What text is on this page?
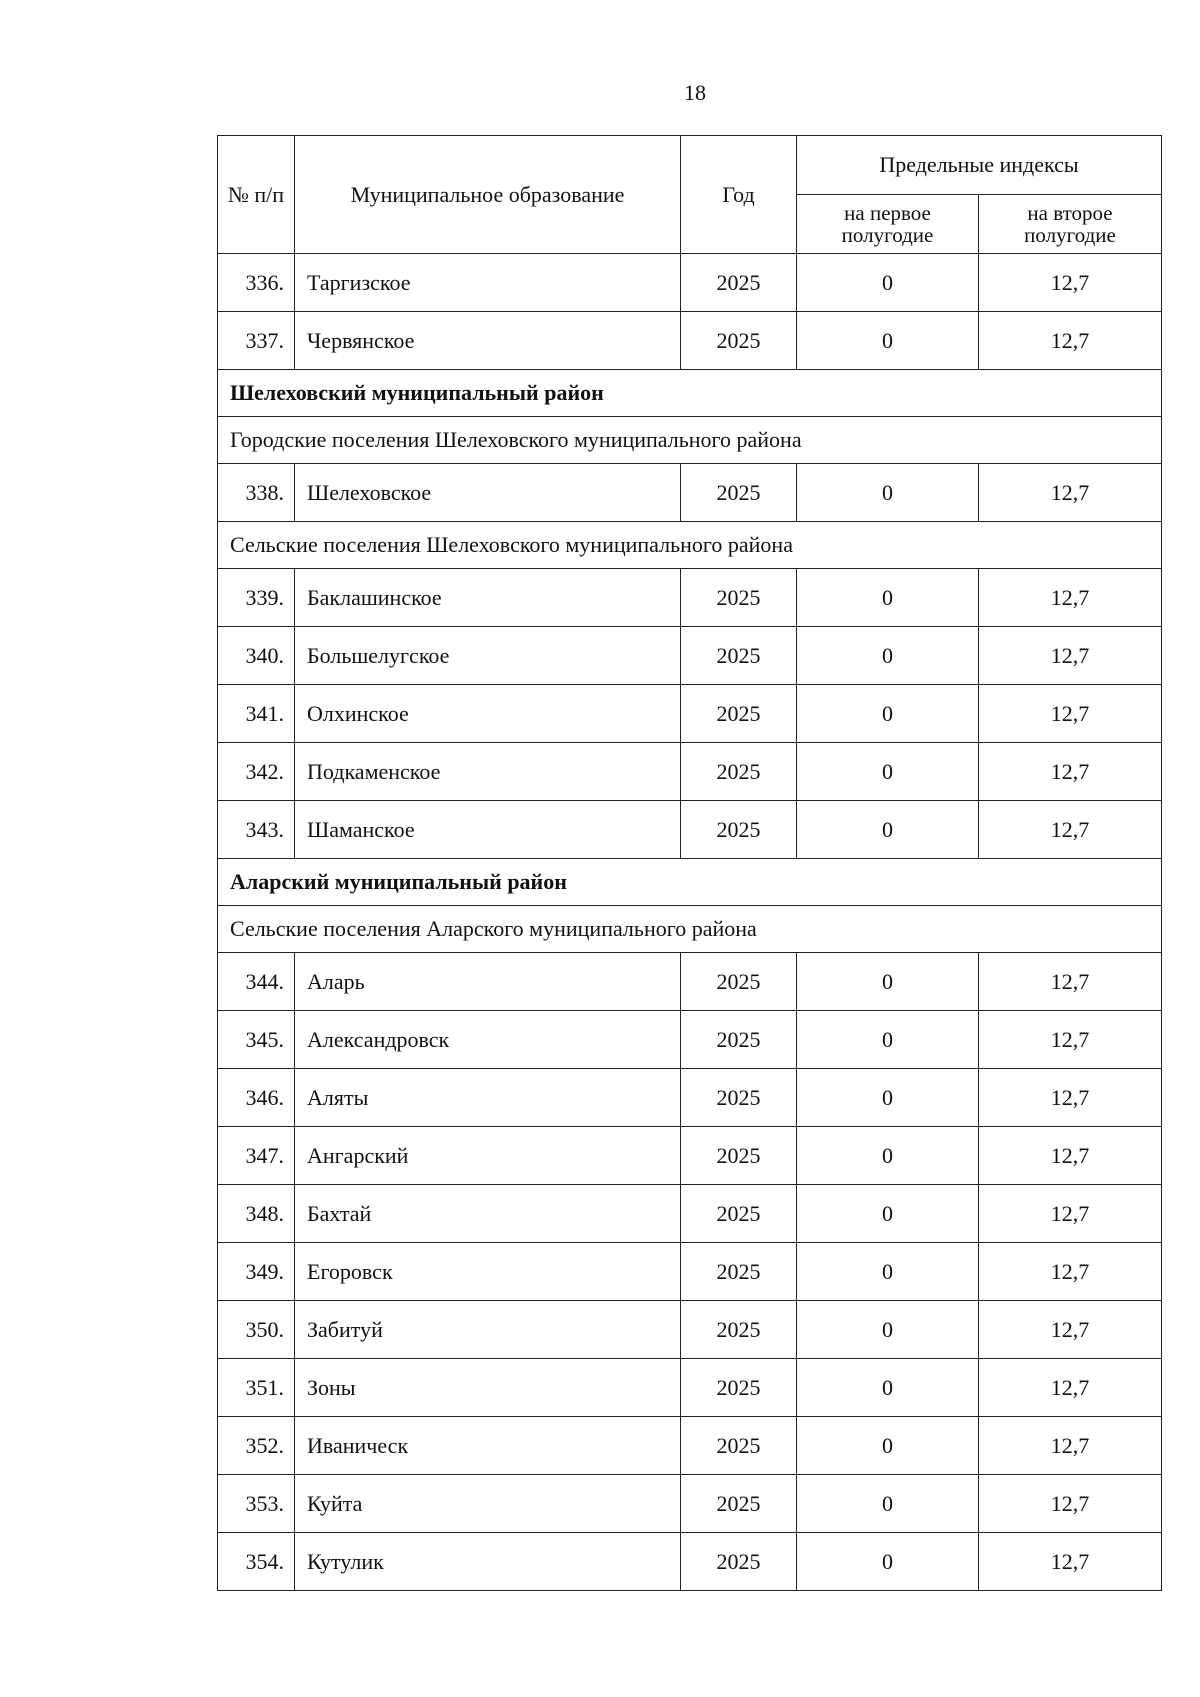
18
№ п/п	Муниципальное образование	Год	Предельные индексы	
			на первое полугодие	на второе полугодие
336.	Таргизское	2025	0	12,7
337.	Червянское	2025	0	12,7
Шелеховский муниципальный район				
Городские поселения Шелеховского муниципального района				
338.	Шелеховское	2025	0	12,7
Сельские поселения Шелеховского муниципального района				
339.	Баклашинское	2025	0	12,7
340.	Большелугское	2025	0	12,7
341.	Олхинское	2025	0	12,7
342.	Подкаменское	2025	0	12,7
343.	Шаманское	2025	0	12,7
Аларский муниципальный район				
Сельские поселения Аларского муниципального района				
344.	Аларь	2025	0	12,7
345.	Александровск	2025	0	12,7
346.	Аляты	2025	0	12,7
347.	Ангарский	2025	0	12,7
348.	Бахтай	2025	0	12,7
349.	Егоровск	2025	0	12,7
350.	Забитуй	2025	0	12,7
351.	Зоны	2025	0	12,7
352.	Иваническ	2025	0	12,7
353.	Куйта	2025	0	12,7
354.	Кутулик	2025	0	12,7
